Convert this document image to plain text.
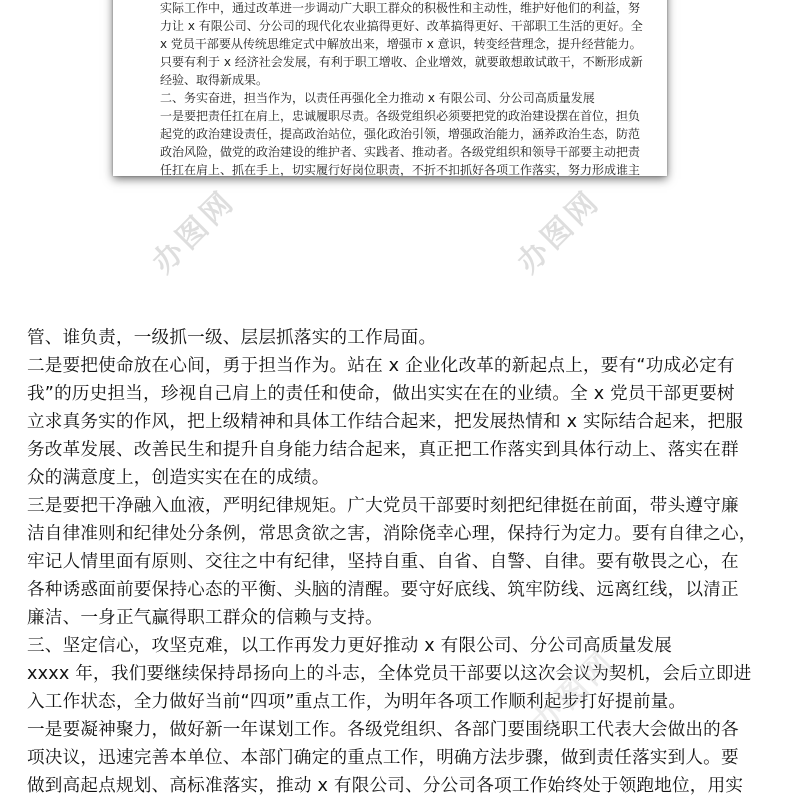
办图网	办图网
实际工作中，通过改革进一步调动广大职工群众的积极性和主动性，维护好他们的利益，努
力让 x 有限公司、分公司的现代化农业搞得更好、改革搞得更好、干部职工生活的更好。全
x 党员干部要从传统思维定式中解放出来，增强市 x 意识，转变经营理念，提升经营能力。
只要有利于 x 经济社会发展，有利于职工增收、企业增效，就要敢想敢试敢干，不断形成新
经验、取得新成果。
二、务实奋进，担当作为，以责任再强化全力推动 x 有限公司、分公司高质量发展
一是要把责任扛在肩上，忠诚履职尽责。各级党组织必须要把党的政治建设摆在首位，担负
起党的政治建设责任，提高政治站位，强化政治引领，增强政治能力，涵养政治生态，防范
政治风险，做党的政治建设的维护者、实践者、推动者。各级党组织和领导干部要主动把责
任扛在肩上、抓在手上，切实履行好岗位职责，不折不扣抓好各项工作落实，努力形成谁主
管、谁负责，一级抓一级、层层抓落实的工作局面。
二是要把使命放在心间，勇于担当作为。站在 x 企业化改革的新起点上，要有“功成必定有
我”的历史担当，珍视自己肩上的责任和使命，做出实实在在的业绩。全 x 党员干部更要树
立求真务实的作风，把上级精神和具体工作结合起来，把发展热情和 x 实际结合起来，把服
务改革发展、改善民生和提升自身能力结合起来，真正把工作落实到具体行动上、落实在群
众的满意度上，创造实实在在的成绩。
三是要把干净融入血液，严明纪律规矩。广大党员干部要时刻把纪律挺在前面，带头遵守廉
洁自律准则和纪律处分条例，常思贪欲之害，消除侥幸心理，保持行为定力。要有自律之心，
牢记人情里面有原则、交往之中有纪律，坚持自重、自省、自警、自律。要有敬畏之心，在
各种诱惑面前要保持心态的平衡、头脑的清醒。要守好底线、筑牢防线、远离红线，以清正
廉洁、一身正气赢得职工群众的信赖与支持。
三、坚定信心，攻坚克难，以工作再发力更好推动 x 有限公司、分公司高质量发展
xxxx 年，我们要继续保持昂扬向上的斗志，全体党员干部要以这次会议为契机，会后立即进
入工作状态，全力做好当前“四项”重点工作，为明年各项工作顺利起步打好提前量。
一是要凝神聚力，做好新一年谋划工作。各级党组织、各部门要围绕职工代表大会做出的各
项决议，迅速完善本单位、本部门确定的重点工作，明确方法步骤，做到责任落实到人。要
做到高起点规划、高标准落实，推动 x 有限公司、分公司各项工作始终处于领跑地位，用实
办图网
